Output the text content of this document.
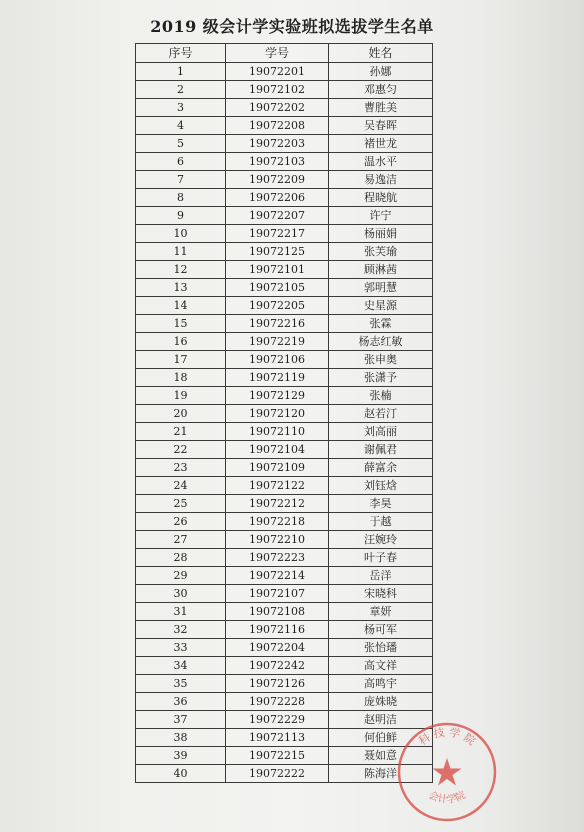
2019 级会计学实验班拟选拔学生名单
序号	学号	姓名
1	19072201	孙娜
2	19072102	邓惠匀
3	19072202	曹胜美
4	19072208	吴春晖
5	19072203	褚世龙
6	19072103	温水平
7	19072209	易逸洁
8	19072206	程晓航
9	19072207	许宁
10	19072217	杨丽娟
11	19072125	张芙瑜
12	19072101	顾淋茜
13	19072105	郭明慧
14	19072205	史星源
15	19072216	张霖
16	19072219	杨志红敏
17	19072106	张申奥
18	19072119	张潇予
19	19072129	张楠
20	19072120	赵若汀
21	19072110	刘高丽
22	19072104	谢佩君
23	19072109	薛富余
24	19072122	刘钰焓
25	19072212	李昊
26	19072218	于越
27	19072210	汪婉玲
28	19072223	叶子春
29	19072214	岳洋
30	19072107	宋晓科
31	19072108	章妍
32	19072116	杨可军
33	19072204	张怡璠
34	19072242	高文祥
35	19072126	高鸣宇
36	19072228	庞姝晓
37	19072229	赵明洁
38	19072113	何伯鲜
39	19072215	聂如意
40	19072222	陈海洋
科 技 学 院
会计学院
